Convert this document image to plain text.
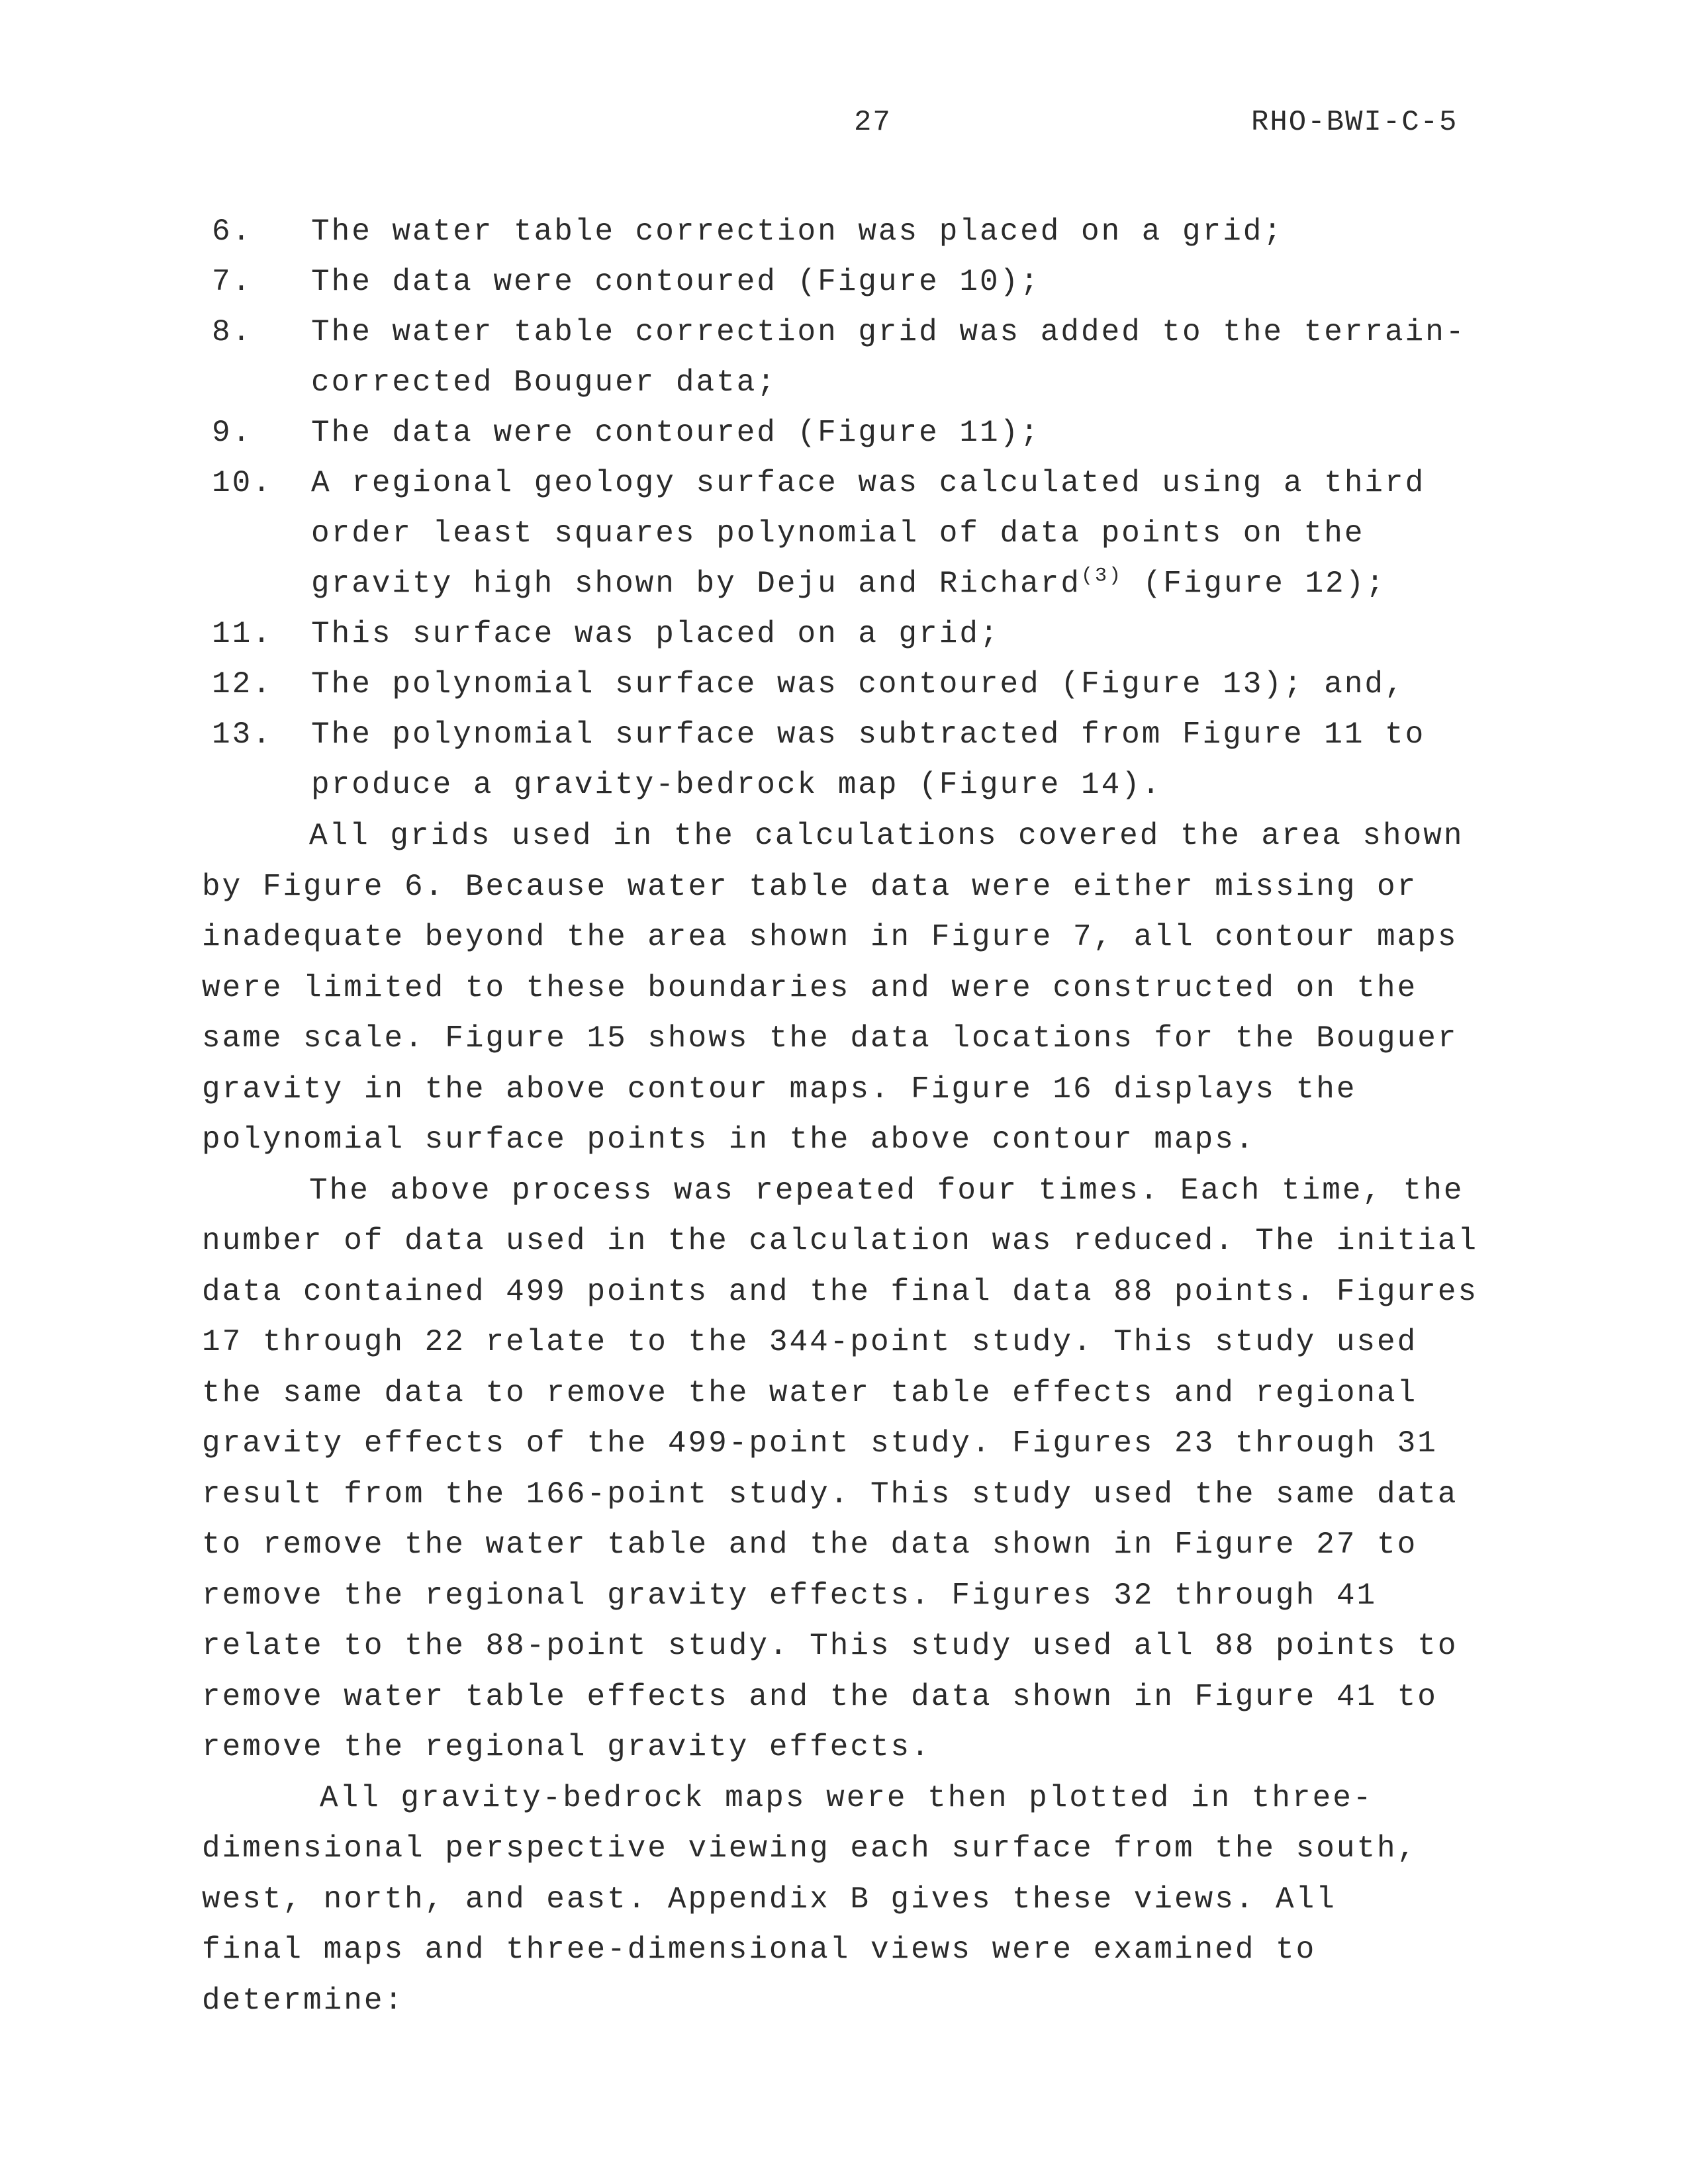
27	RHO-BWI-C-5
6.	The water table correction was placed on a grid;
7.	The data were contoured (Figure 10);
8.	The water table correction grid was added to the terrain-
corrected Bouguer data;
9.	The data were contoured (Figure 11);
10.	A regional geology surface was calculated using a third
order least squares polynomial of data points on the
gravity high shown by Deju and Richard$^{(3)}$ (Figure 12);
11.	This surface was placed on a grid;
12.	The polynomial surface was contoured (Figure 13); and,
13.	The polynomial surface was subtracted from Figure 11 to
produce a gravity-bedrock map (Figure 14).

All grids used in the calculations covered the area shown
by Figure 6. Because water table data were either missing or
inadequate beyond the area shown in Figure 7, all contour maps
were limited to these boundaries and were constructed on the
same scale. Figure 15 shows the data locations for the Bouguer
gravity in the above contour maps. Figure 16 displays the
polynomial surface points in the above contour maps.

The above process was repeated four times. Each time, the
number of data used in the calculation was reduced. The initial
data contained 499 points and the final data 88 points. Figures
17 through 22 relate to the 344-point study. This study used
the same data to remove the water table effects and regional
gravity effects of the 499-point study. Figures 23 through 31
result from the 166-point study. This study used the same data
to remove the water table and the data shown in Figure 27 to
remove the regional gravity effects. Figures 32 through 41
relate to the 88-point study. This study used all 88 points to
remove water table effects and the data shown in Figure 41 to
remove the regional gravity effects.

All gravity-bedrock maps were then plotted in three-
dimensional perspective viewing each surface from the south,
west, north, and east. Appendix B gives these views. All
final maps and three-dimensional views were examined to
determine:
